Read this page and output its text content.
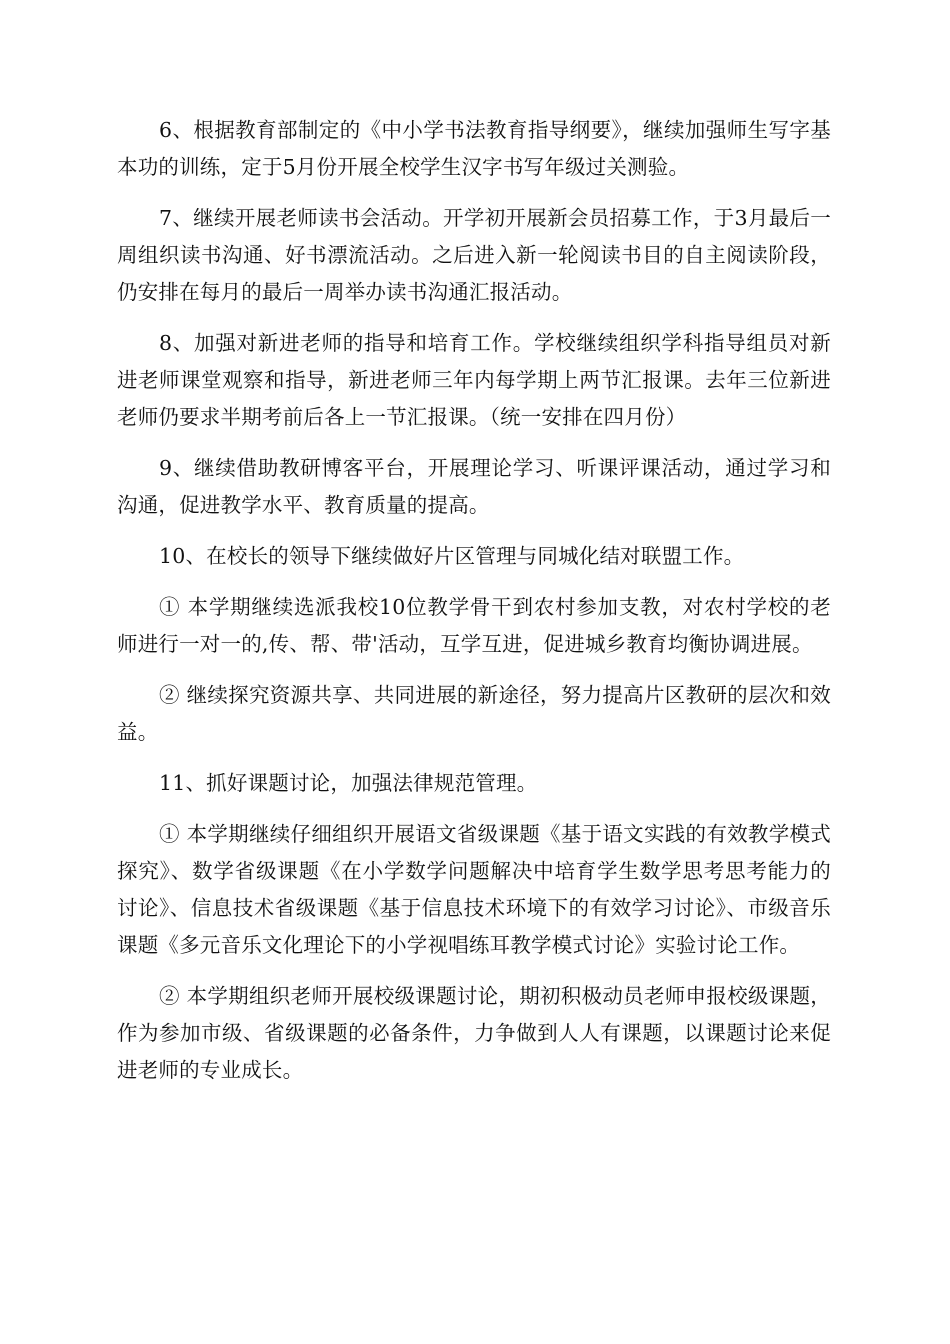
6、根据教育部制定的《中小学书法教育指导纲要》，继续加强师生写字基本功的训练，定于5月份开展全校学生汉字书写年级过关测验。

7、继续开展老师读书会活动。开学初开展新会员招募工作，于3月最后一周组织读书沟通、好书漂流活动。之后进入新一轮阅读书目的自主阅读阶段，仍安排在每月的最后一周举办读书沟通汇报活动。

8、加强对新进老师的指导和培育工作。学校继续组织学科指导组员对新进老师课堂观察和指导，新进老师三年内每学期上两节汇报课。去年三位新进老师仍要求半期考前后各上一节汇报课。（统一安排在四月份）

9、继续借助教研博客平台，开展理论学习、听课评课活动，通过学习和沟通，促进教学水平、教育质量的提高。

10、在校长的领导下继续做好片区管理与同城化结对联盟工作。

① 本学期继续选派我校10位教学骨干到农村参加支教，对农村学校的老师进行一对一的,传、帮、带'活动，互学互进，促进城乡教育均衡协调进展。

② 继续探究资源共享、共同进展的新途径，努力提高片区教研的层次和效益。

11、抓好课题讨论，加强法律规范管理。

① 本学期继续仔细组织开展语文省级课题《基于语文实践的有效教学模式探究》、数学省级课题《在小学数学问题解决中培育学生数学思考思考能力的讨论》、信息技术省级课题《基于信息技术环境下的有效学习讨论》、市级音乐课题《多元音乐文化理论下的小学视唱练耳教学模式讨论》实验讨论工作。

② 本学期组织老师开展校级课题讨论，期初积极动员老师申报校级课题，作为参加市级、省级课题的必备条件，力争做到人人有课题，以课题讨论来促进老师的专业成长。
